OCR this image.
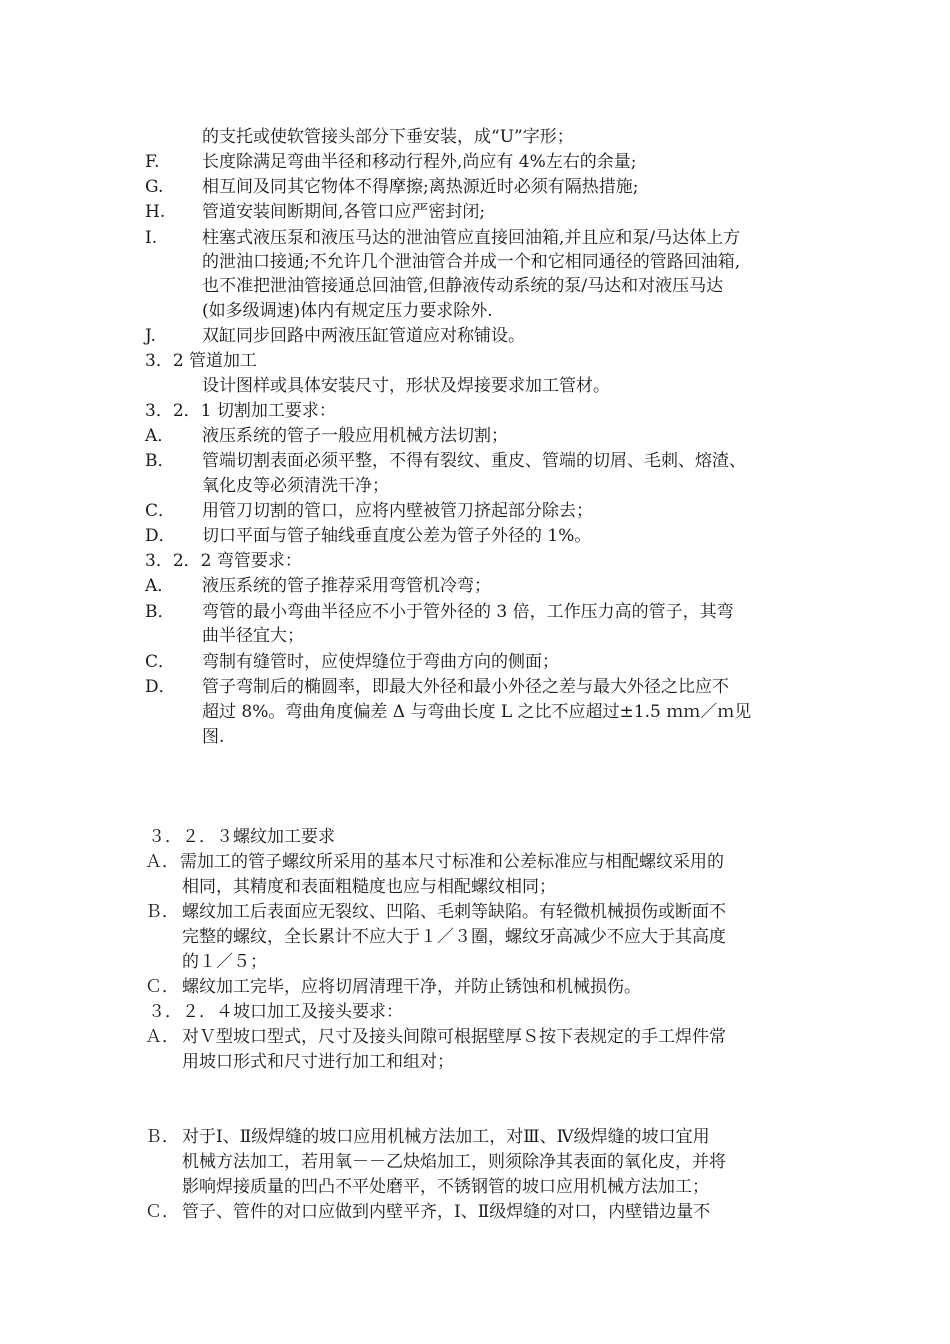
的支托或使软管接头部分下垂安装，成“U”字形；
F. 长度除满足弯曲半径和移动行程外,尚应有 4%左右的余量;
G. 相互间及同其它物体不得摩擦;离热源近时必须有隔热措施;
H. 管道安装间断期间,各管口应严密封闭;
I.	柱塞式液压泵和液压马达的泄油管应直接回油箱,并且应和泵/马达体上方
的泄油口接通;不允许几个泄油管合并成一个和它相同通径的管路回油箱,
也不准把泄油管接通总回油管,但静液传动系统的泵/马达和对液压马达
(如多级调速)体内有规定压力要求除外.
J.	双缸同步回路中两液压缸管道应对称铺设。
3．2 管道加工
设计图样或具体安装尺寸，形状及焊接要求加工管材。
3．2．1 切割加工要求：
A． 液压系统的管子一般应用机械方法切割；
B． 管端切割表面必须平整，不得有裂纹、重皮、管端的切屑、毛刺、熔渣、
氧化皮等必须清洗干净；
C． 用管刀切割的管口，应将内壁被管刀挤起部分除去；
D． 切口平面与管子轴线垂直度公差为管子外径的 1%。
3．2．2 弯管要求：
A． 液压系统的管子推荐采用弯管机冷弯；
B． 弯管的最小弯曲半径应不小于管外径的 3 倍，工作压力高的管子，其弯
曲半径宜大；
C． 弯制有缝管时，应使焊缝位于弯曲方向的侧面；
D． 管子弯制后的椭圆率，即最大外径和最小外径之差与最大外径之比应不
超过 8%。弯曲角度偏差 Δ 与弯曲长度 L 之比不应超过±1.5 ｍｍ／ｍ见
图.
３．２．３螺纹加工要求
Ａ． 需加工的管子螺纹所采用的基本尺寸标准和公差标准应与相配螺纹采用的
相同，其精度和表面粗糙度也应与相配螺纹相同；
Ｂ． 螺纹加工后表面应无裂纹、凹陷、毛刺等缺陷。有轻微机械损伤或断面不
完整的螺纹，全长累计不应大于１／３圈，螺纹牙高减少不应大于其高度
的１／５；
Ｃ． 螺纹加工完毕，应将切屑清理干净，并防止锈蚀和机械损伤。
３．２．４坡口加工及接头要求：
Ａ． 对Ｖ型坡口型式，尺寸及接头间隙可根据壁厚Ｓ按下表规定的手工焊件常
用坡口形式和尺寸进行加工和组对；
Ｂ． 对于Ⅰ、Ⅱ级焊缝的坡口应用机械方法加工，对Ⅲ、Ⅳ级焊缝的坡口宜用
机械方法加工，若用氧－－乙炔焰加工，则须除净其表面的氧化皮，并将
影响焊接质量的凹凸不平处磨平，不锈钢管的坡口应用机械方法加工；
Ｃ． 管子、管件的对口应做到内壁平齐，Ⅰ、Ⅱ级焊缝的对口，内壁错边量不
